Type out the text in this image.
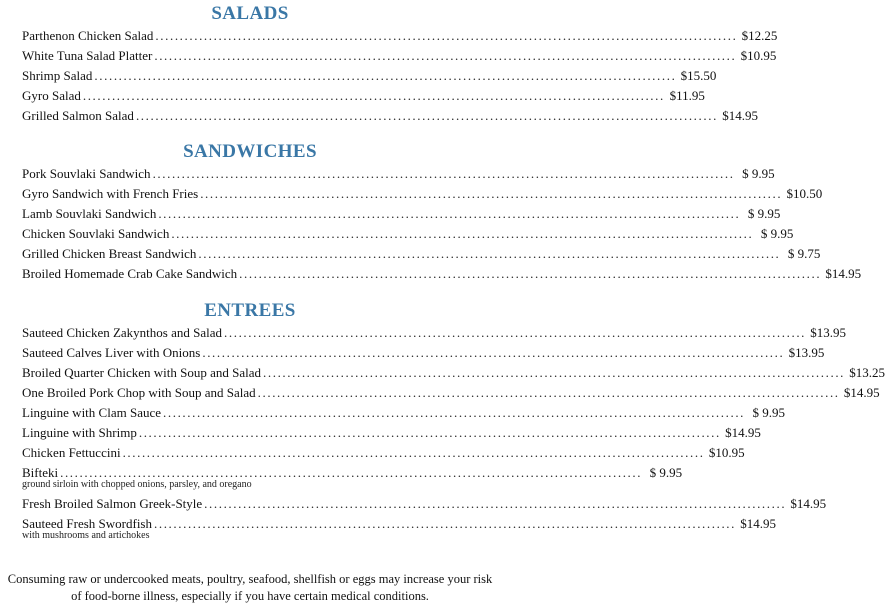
SALADS
Parthenon Chicken Salad ........................................................................................................................ $12.25
White Tuna Salad Platter ........................................................................................................................ $10.95
Shrimp Salad ........................................................................................................................ $15.50
Gyro Salad ........................................................................................................................ $11.95
Grilled Salmon Salad ........................................................................................................................ $14.95
SANDWICHES
Pork Souvlaki Sandwich ........................................................................................................................ $ 9.95
Gyro Sandwich with French Fries ........................................................................................................................ $10.50
Lamb Souvlaki Sandwich ........................................................................................................................ $ 9.95
Chicken Souvlaki Sandwich ........................................................................................................................ $ 9.95
Grilled Chicken Breast Sandwich ........................................................................................................................ $ 9.75
Broiled Homemade Crab Cake Sandwich ........................................................................................................................ $14.95
ENTREES
Sauteed Chicken Zakynthos and Salad ........................................................................................................................ $13.95
Sauteed Calves Liver with Onions ........................................................................................................................ $13.95
Broiled Quarter Chicken with Soup and Salad ........................................................................................................................ $13.25
One Broiled Pork Chop with Soup and Salad ........................................................................................................................ $14.95
Linguine with Clam Sauce ........................................................................................................................ $ 9.95
Linguine with Shrimp ........................................................................................................................ $14.95
Chicken Fettuccini ........................................................................................................................ $10.95
Bifteki ........................................................................................................................ $ 9.95
ground sirloin with chopped onions, parsley, and oregano
Fresh Broiled Salmon Greek-Style ........................................................................................................................ $14.95
Sauteed Fresh Swordfish ........................................................................................................................ $14.95
with mushrooms and artichokes
Consuming raw or undercooked meats, poultry, seafood, shellfish or eggs may increase your risk
of food-borne illness, especially if you have certain medical conditions.
